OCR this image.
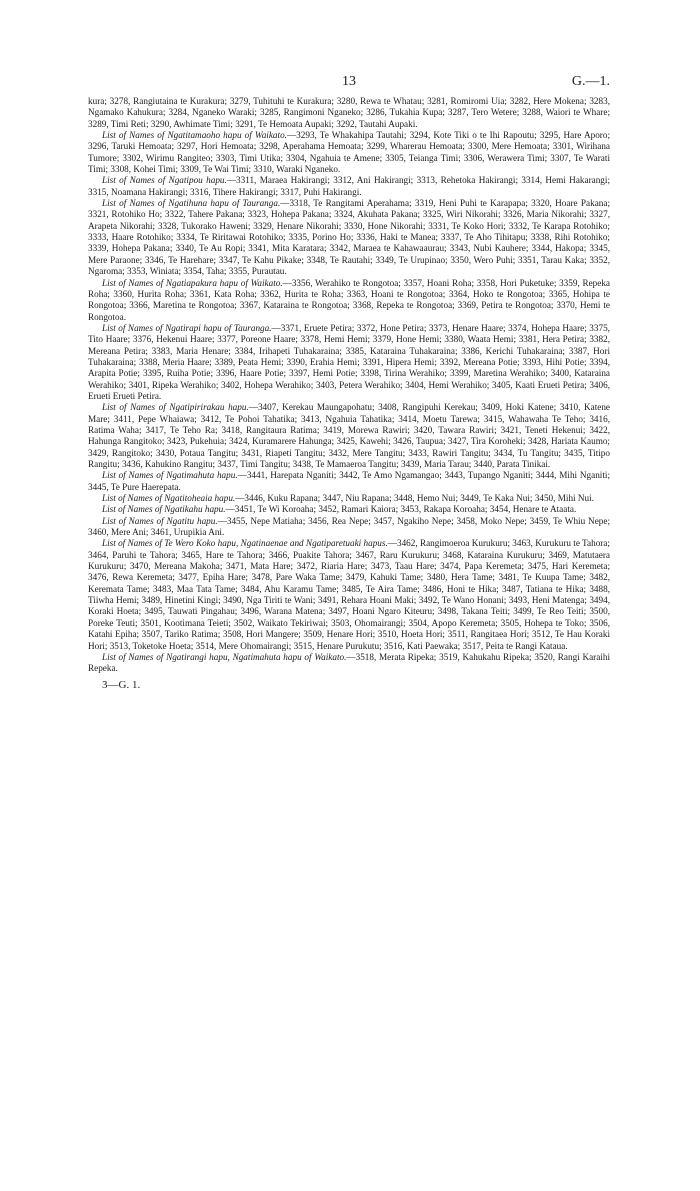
13	G.—1.

kura; 3278, Rangiutaina te Kurakura; 3279, Tuhituhi te Kurakura; 3280, Rewa te Whatau; 3281, Romiromi Uia; 3282, Here Mokena; 3283, Ngamako Kahukura; 3284, Nganeko Waraki; 3285, Rangimoni Nganeko; 3286, Tukahia Kupa; 3287, Tero Wetere; 3288, Waiori te Whare; 3289, Timi Reti; 3290, Awhimate Timi; 3291, Te Hemoata Aupaki; 3292, Tautahi Aupaki.

List of Names of Ngatitamaoho hapu of Waikato.—3293, Te Whakahipa Tautahi; 3294, Kote Tiki o te Ihi Rapoutu; 3295, Hare Aporo; 3296, Taruki Hemoata; 3297, Hori Hemoata; 3298, Aperahama Hemoata; 3299, Wharerau Hemoata; 3300, Mere Hemoata; 3301, Wirihana Tumore; 3302, Wirimu Rangiteo; 3303, Timi Utika; 3304, Ngahuia te Amene; 3305, Teianga Timi; 3306, Werawera Timi; 3307, Te Warati Timi; 3308, Kohei Timi; 3309, Te Wai Timi; 3310, Waraki Nganeko.

List of Names of Ngatipou hapu.—3311, Maraea Hakirangi; 3312, Ani Hakirangi; 3313, Rehetoka Hakirangi; 3314, Hemi Hakarangi; 3315, Noamana Hakirangi; 3316, Tihere Hakirangi; 3317, Puhi Hakirangi.

List of Names of Ngatihuna hapu of Tauranga.—3318, Te Rangitami Aperahama; 3319, Heni Puhi te Karapapa; 3320, Hoare Pakana; 3321, Rotohiko Ho; 3322, Tahere Pakana; 3323, Hohepa Pakana; 3324, Akuhata Pakana; 3325, Wiri Nikorahi; 3326, Maria Nikorahi; 3327, Arapeta Nikorahi; 3328, Tukorako Haweni; 3329, Henare Nikorahi; 3330, Hone Nikorahi; 3331, Te Koko Hori; 3332, Te Karapa Rotohiko; 3333, Haare Rotohiko; 3334, Te Riritawai Rotohiko; 3335, Porino Ho; 3336, Haki te Manea; 3337, Te Aho Tihitapu; 3338, Rihi Rotohiko; 3339, Hohepa Pakana; 3340, Te Au Ropi; 3341, Mita Karatara; 3342, Maraea te Kahawaaurau; 3343, Nubi Kauhere; 3344, Hakopa; 3345, Mere Paraone; 3346, Te Harehare; 3347, Te Kahu Pikake; 3348, Te Rautahi; 3349, Te Urupinao; 3350, Wero Puhi; 3351, Tarau Kaka; 3352, Ngaroma; 3353, Winiata; 3354, Taha; 3355, Purautau.

List of Names of Ngatiapakura hapu of Waikato.—3356, Werahiko te Rongotoa; 3357, Hoani Roha; 3358, Hori Puketuke; 3359, Repeka Roha; 3360, Hurita Roha; 3361, Kata Roha; 3362, Hurita te Roha; 3363, Hoani te Rongotoa; 3364, Hoko te Rongotoa; 3365, Hohipa te Rongotoa; 3366, Maretina te Rongotoa; 3367, Kataraina te Rongotoa; 3368, Repeka te Rongotoa; 3369, Petira te Rongotoa; 3370, Hemi te Rongotoa.

List of Names of Ngatirapi hapu of Tauranga.—3371, Eruete Petira; 3372, Hone Petira; 3373, Henare Haare; 3374, Hohepa Haare; 3375, Tito Haare; 3376, Hekenui Haare; 3377, Poreone Haare; 3378, Hemi Hemi; 3379, Hone Hemi; 3380, Waata Hemi; 3381, Hera Petira; 3382, Mereana Petira; 3383, Maria Henare; 3384, Irihapeti Tuhakaraina; 3385, Kataraina Tuhakaraina; 3386, Kerichi Tuhakaraina; 3387, Hori Tuhakaraina; 3388, Meria Haare; 3389, Peata Hemi; 3390, Erahia Hemi; 3391, Hipera Hemi; 3392, Mereana Potie; 3393, Hihi Potie; 3394, Arapita Potie; 3395, Ruiha Potie; 3396, Haare Potie; 3397, Hemi Potie; 3398, Tirina Werahiko; 3399, Maretina Werahiko; 3400, Kataraina Werahiko; 3401, Ripeka Werahiko; 3402, Hohepa Werahiko; 3403, Petera Werahiko; 3404, Hemi Werahiko; 3405, Kaati Erueti Petira; 3406, Erueti Erueti Petira.

List of Names of Ngatipirirakau hapu.—3407, Kerekau Maungapohatu; 3408, Rangipuhi Kerekau; 3409, Hoki Katene; 3410, Katene Mare; 3411, Pepe Whaiawa; 3412, Te Pohoi Tahatika; 3413, Ngahuia Tahatika; 3414, Moetu Tarewa; 3415, Wahawaha Te Teho; 3416, Ratima Waha; 3417, Te Teho Ra; 3418, Rangitaura Ratima; 3419, Morewa Rawiri; 3420, Tawara Rawiri; 3421, Teneti Hekenui; 3422, Hahunga Rangitoko; 3423, Pukehuia; 3424, Kuramarere Hahunga; 3425, Kawehi; 3426, Taupua; 3427, Tira Koroheki; 3428, Hariata Kaumo; 3429, Rangitoko; 3430, Potaua Tangitu; 3431, Riapeti Tangitu; 3432, Mere Tangitu; 3433, Rawiri Tangitu; 3434, Tu Tangitu; 3435, Titipo Rangitu; 3436, Kahukino Rangitu; 3437, Timi Tangitu; 3438, Te Mamaeroa Tangitu; 3439, Maria Tarau; 3440, Parata Tinikai.

List of Names of Ngatimahuta hapu.—3441, Harepata Nganiti; 3442, Te Amo Ngamangao; 3443, Tupango Nganiti; 3444, Mihi Nganiti; 3445, Te Pure Haerepata.

List of Names of Ngatitoheaia hapu.—3446, Kuku Rapana; 3447, Niu Rapana; 3448, Hemo Nui; 3449, Te Kaka Nui; 3450, Mihi Nui.

List of Names of Ngatikahu hapu.—3451, Te Wi Koroaha; 3452, Ramari Kaiora; 3453, Rakapa Koroaha; 3454, Henare te Ataata.

List of Names of Ngatitu hapu.—3455, Nepe Matiaha; 3456, Rea Nepe; 3457, Ngakiho Nepe; 3458, Moko Nepe; 3459, Te Whiu Nepe; 3460, Mere Ani; 3461, Urupikia Ani.

List of Names of Te Wero Koko hapu, Ngatinaenae and Ngatiparetuaki hapus.—3462, Rangimoeroa Kurukuru; 3463, Kurukuru te Tahora; 3464, Paruhi te Tahora; 3465, Hare te Tahora; 3466, Puakite Tahora; 3467, Raru Kurukuru; 3468, Kataraina Kurukuru; 3469, Matutaera Kurukuru; 3470, Mereana Makoha; 3471, Mata Hare; 3472, Riaria Hare; 3473, Taau Hare; 3474, Papa Keremeta; 3475, Hari Keremeta; 3476, Rewa Keremeta; 3477, Epiha Hare; 3478, Pare Waka Tame; 3479, Kahuki Tame; 3480, Hera Tame; 3481, Te Kuupa Tame; 3482, Keremata Tame; 3483, Maa Tata Tame; 3484, Ahu Karamu Tame; 3485, Te Aira Tame; 3486, Honi te Hika; 3487, Tatiana te Hika; 3488, Tiiwha Hemi; 3489, Hinetini Kingi; 3490, Nga Tiriti te Wani; 3491, Rehara Hoani Maki; 3492, Te Wano Honani; 3493, Heni Matenga; 3494, Koraki Hoeta; 3495, Tauwati Pingahau; 3496, Warana Matena; 3497, Hoani Ngaro Kiteuru; 3498, Takana Teiti; 3499, Te Reo Teiti; 3500, Poreke Teuti; 3501, Kootimana Teieti; 3502, Waikato Tekiriwai; 3503, Ohomairangi; 3504, Apopo Keremeta; 3505, Hohepa te Toko; 3506, Katahi Epiha; 3507, Tariko Ratima; 3508, Hori Mangere; 3509, Henare Hori; 3510, Hoeta Hori; 3511, Rangitaea Hori; 3512, Te Hau Koraki Hori; 3513, Toketoke Hoeta; 3514, Mere Ohomairangi; 3515, Henare Purukutu; 3516, Kati Paewaka; 3517, Peita te Rangi Kataua.

List of Names of Ngatirangi hapu, Ngatimahuta hapu of Waikato.—3518, Merata Ripeka; 3519, Kahukahu Ripeka; 3520, Rangi Karaihi Repeka.

3—G. 1.
